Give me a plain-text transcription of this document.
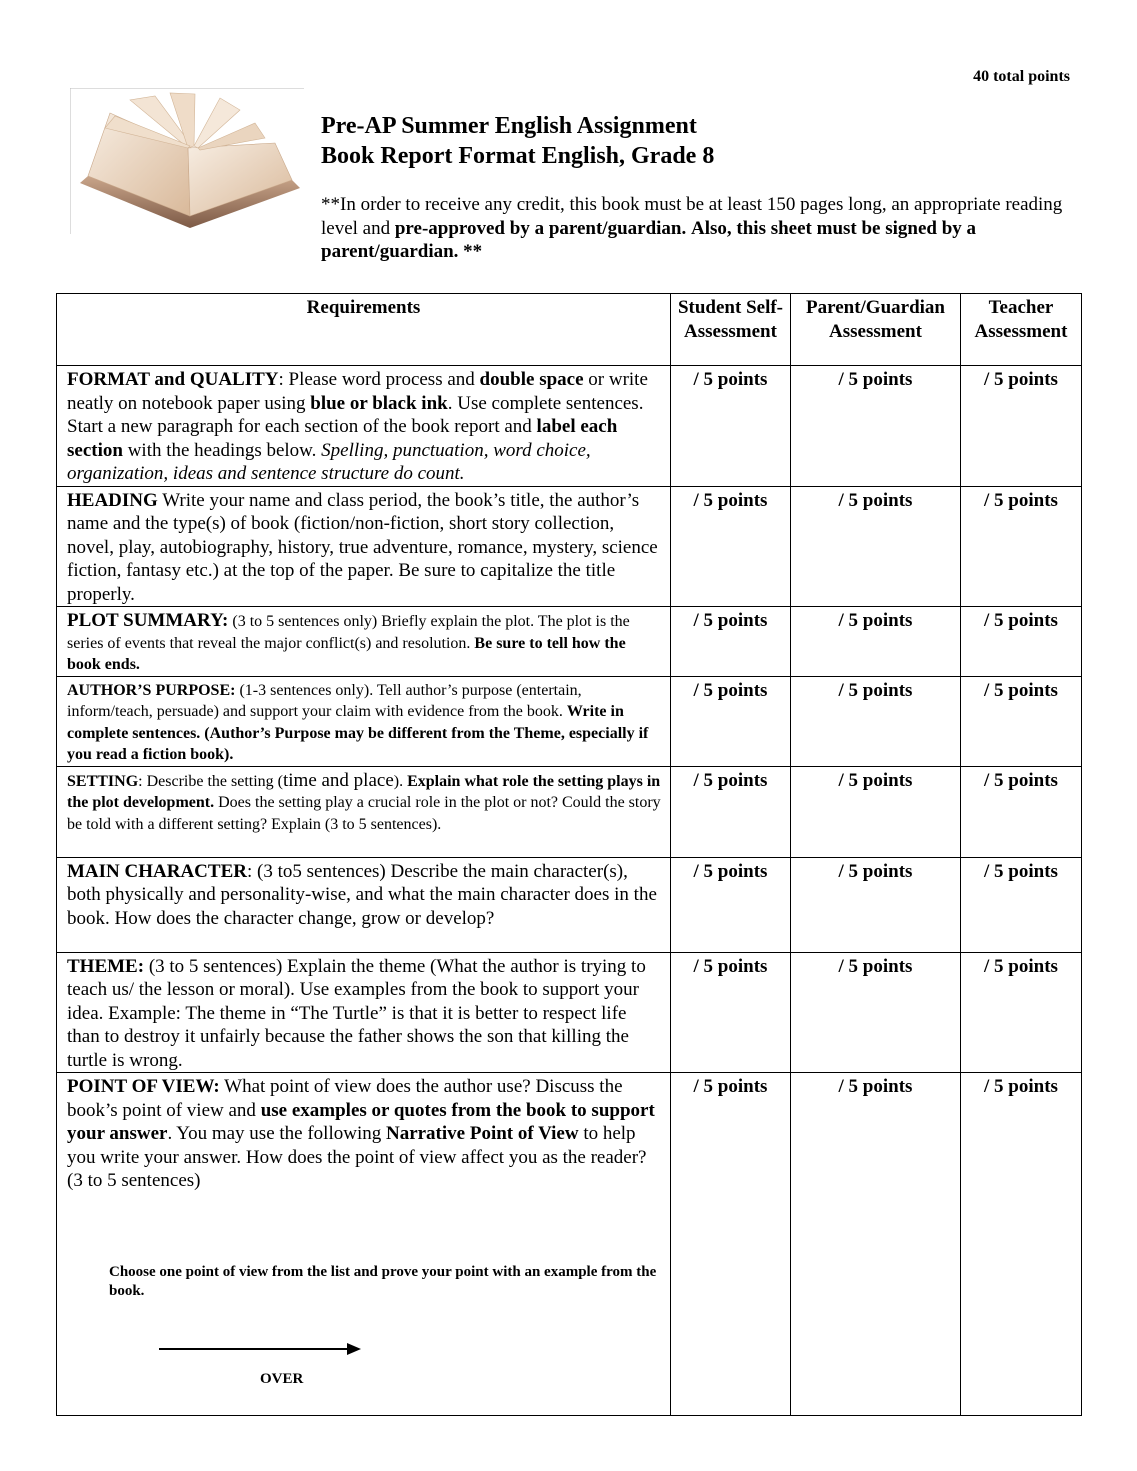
40 total points
Pre-AP Summer English Assignment
Book Report Format English, Grade 8
**In order to receive any credit, this book must be at least 150 pages long, an appropriate reading level and pre-approved by a parent/guardian. Also, this sheet must be signed by a parent/guardian. **
Requirements	Student Self-Assessment	Parent/Guardian Assessment	Teacher Assessment

FORMAT and QUALITY: Please word process and double space or write neatly on notebook paper using blue or black ink. Use complete sentences. Start a new paragraph for each section of the book report and label each section with the headings below. Spelling, punctuation, word choice, organization, ideas and sentence structure do count.	/ 5 points	/ 5 points	/ 5 points

HEADING Write your name and class period, the book’s title, the author’s name and the type(s) of book (fiction/non-fiction, short story collection, novel, play, autobiography, history, true adventure, romance, mystery, science fiction, fantasy etc.) at the top of the paper. Be sure to capitalize the title properly.	/ 5 points	/ 5 points	/ 5 points

PLOT SUMMARY: (3 to 5 sentences only) Briefly explain the plot. The plot is the series of events that reveal the major conflict(s) and resolution. Be sure to tell how the book ends.	/ 5 points	/ 5 points	/ 5 points

AUTHOR’S PURPOSE: (1-3 sentences only). Tell author’s purpose (entertain, inform/teach, persuade) and support your claim with evidence from the book. Write in complete sentences. (Author’s Purpose may be different from the Theme, especially if you read a fiction book).	/ 5 points	/ 5 points	/ 5 points

SETTING: Describe the setting (time and place). Explain what role the setting plays in the plot development. Does the setting play a crucial role in the plot or not? Could the story be told with a different setting? Explain (3 to 5 sentences).	/ 5 points	/ 5 points	/ 5 points

MAIN CHARACTER: (3 to5 sentences) Describe the main character(s), both physically and personality-wise, and what the main character does in the book. How does the character change, grow or develop?	/ 5 points	/ 5 points	/ 5 points

THEME: (3 to 5 sentences) Explain the theme (What the author is trying to teach us/ the lesson or moral). Use examples from the book to support your idea. Example: The theme in “The Turtle” is that it is better to respect life than to destroy it unfairly because the father shows the son that killing the turtle is wrong.	/ 5 points	/ 5 points	/ 5 points

POINT OF VIEW: What point of view does the author use? Discuss the book’s point of view and use examples or quotes from the book to support your answer. You may use the following Narrative Point of View to help you write your answer. How does the point of view affect you as the reader? (3 to 5 sentences)
Choose one point of view from the list and prove your point with an example from the book.
OVER	/ 5 points	/ 5 points	/ 5 points
